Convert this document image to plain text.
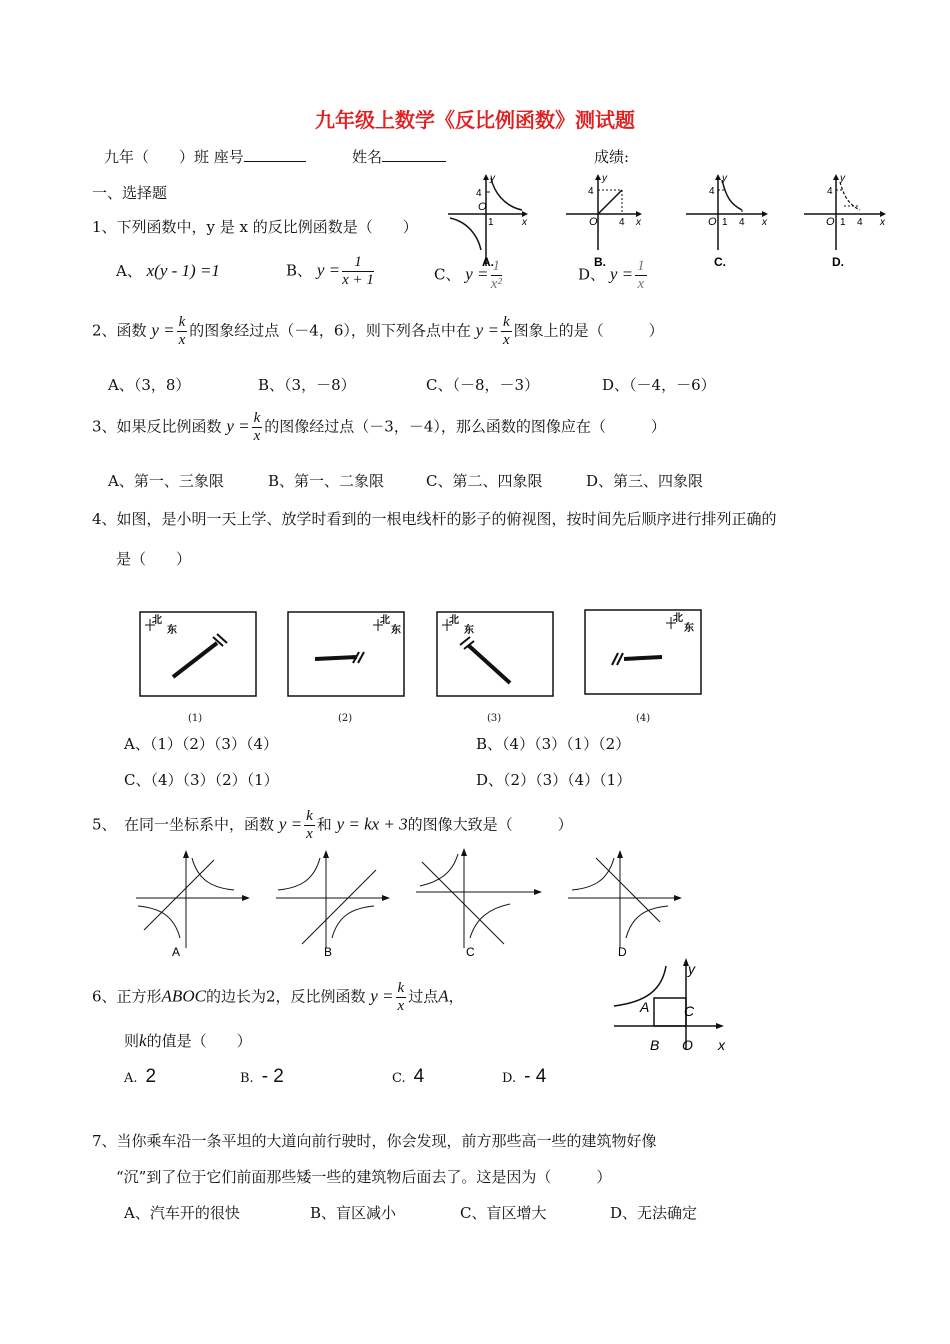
九年级上数学《反比例函数》测试题
九年（　　）班 座号	姓名	成绩:
一、选择题
1、下列函数中，y 是 x 的反比例函数是（　　）
A、 x(y - 1) =1	B、 $y = \frac{1}{x + 1}$	C、 $y = \frac{1}{\text{x²}}$	D、 $y = \frac{1}{x}$
4
y
O
1	x
A.
4
y
O 4 x
B.
4
y
O 1 4 x
C.
4
y
O 1 4 x
D.
2、函数 $y = \frac{k}{x}$ 的图象经过点（－4，6），则下列各点中在 $y = \frac{k}{x}$ 图象上的是（　　　）
A、（3，8）	B、（3，－8）	C、（－8，－3）	D、（－4，－6）
3、如果反比例函数 $y = \frac{k}{x}$ 的图像经过点（－3，－4），那么函数的图像应在（　　　）
A、第一、三象限	B、第一、二象限	C、第二、四象限	D、第三、四象限
4、如图，是小明一天上学、放学时看到的一根电线杆的影子的俯视图，按时间先后顺序进行排列正确的
是（　　）
北
东
北
东
北
东
北
东
(1)	(2)	(3)	(4)
A、（1）（2）（3）（4）	B、（4）（3）（1）（2）
C、（4）（3）（2）（1）	D、（2）（3）（4）（1）
5、　在同一坐标系中，函数 $y = \frac{k}{x}$ 和 y = kx + 3的图像大致是（　　　）
A	B	C	D
6、正方形ABOC的边长为2，反比例函数 $y = \frac{k}{x}$ 过点A，
则k的值是（　　）
A. 2	B. - 2	C. 4	D. - 4
y
A C
B O x
7、当你乘车沿一条平坦的大道向前行驶时，你会发现，前方那些高一些的建筑物好像
“沉”到了位于它们前面那些矮一些的建筑物后面去了。这是因为（　　　）
A、汽车开的很快	B、盲区减小	C、盲区增大	D、无法确定
